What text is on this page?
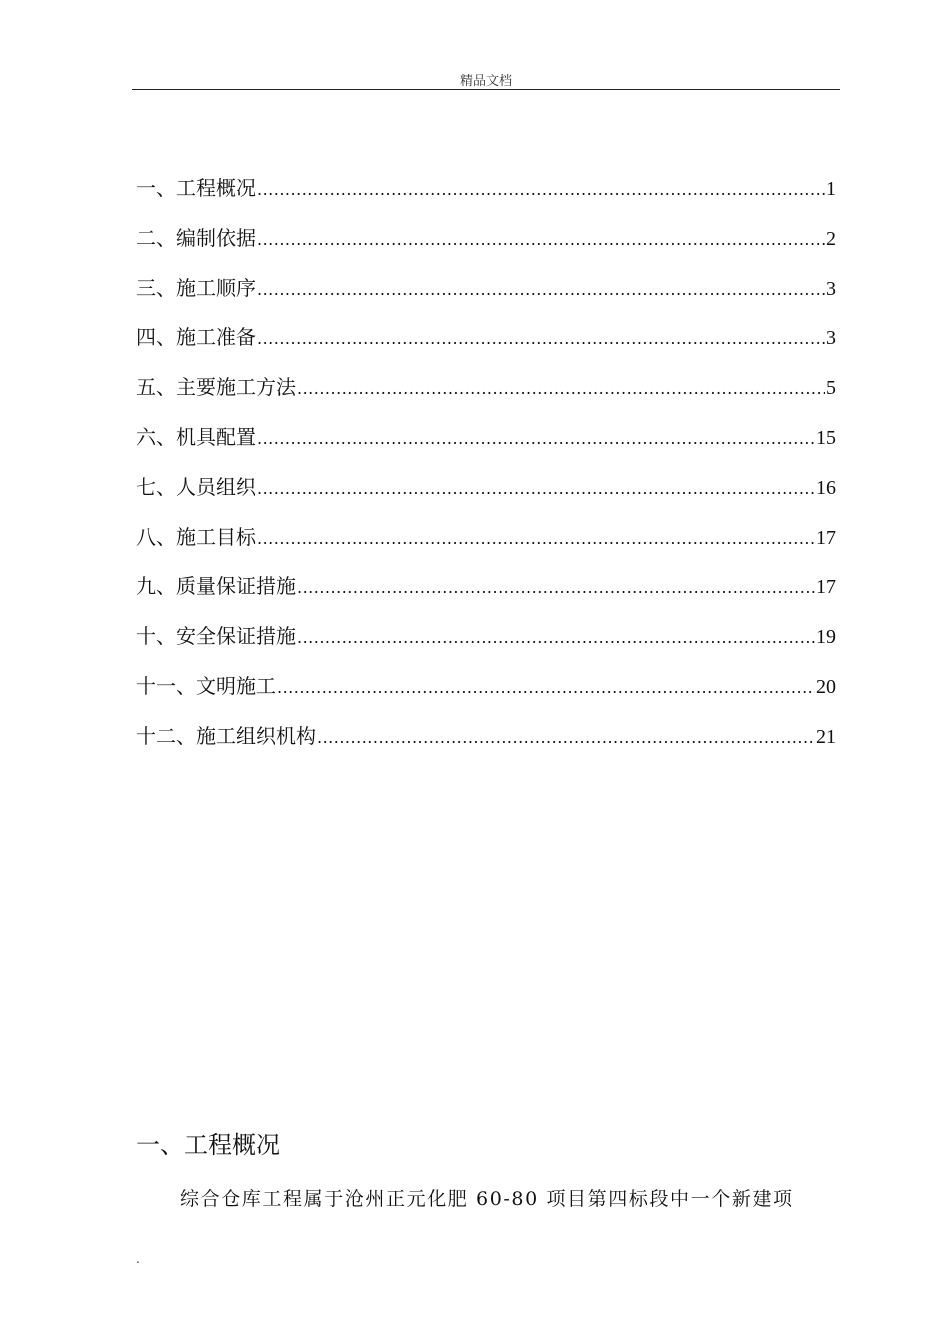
精品文档
一、工程概况 .....	1
二、编制依据 .....	2
三、施工顺序 .....	3
四、施工准备 .....	3
五、主要施工方法 .....	5
六、机具配置 .....	15
七、人员组织 .....	16
八、施工目标 .....	17
九、质量保证措施 .....	17
十、安全保证措施 .....	19
十一、文明施工 .....	20
十二、施工组织机构 .....	21
一、工程概况

综合仓库工程属于沧州正元化肥 60-80 项目第四标段中一个新建项

.
